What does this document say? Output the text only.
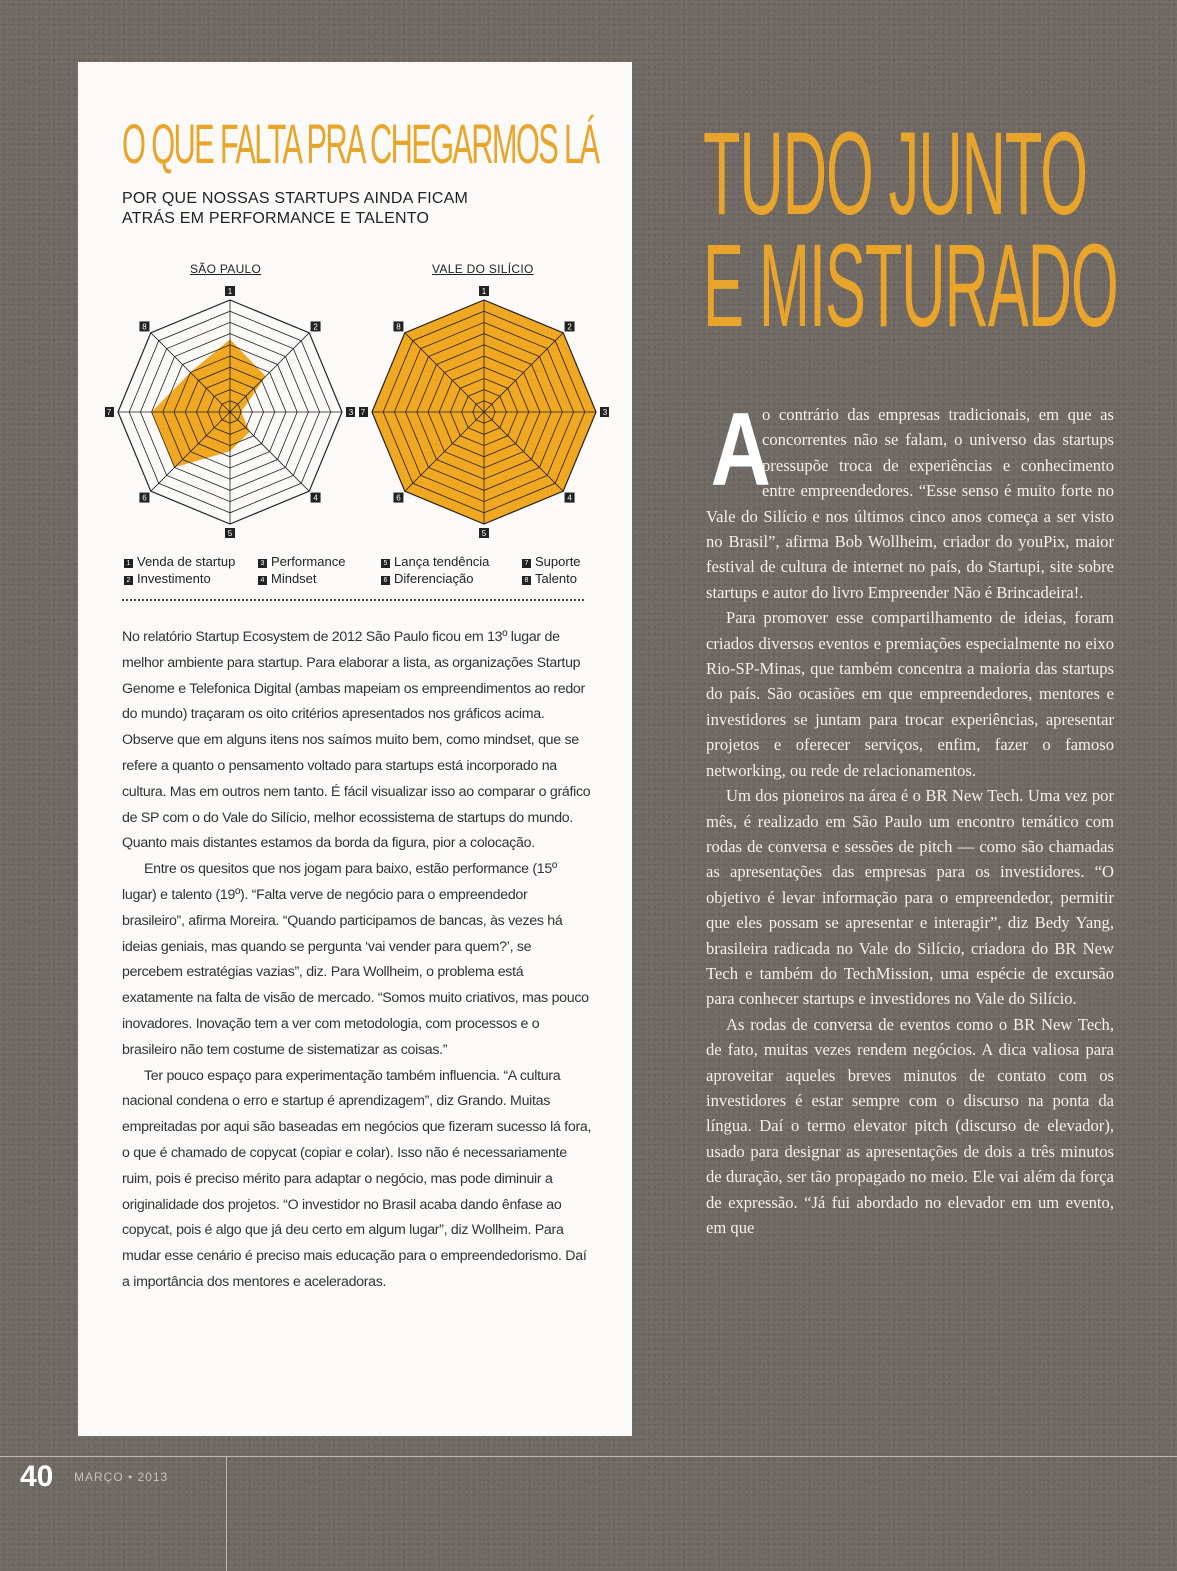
O QUE FALTA PRA CHEGARMOS LÁ
POR QUE NOSSAS STARTUPS AINDA FICAM
ATRÁS EM PERFORMANCE E TALENTO
SÃO PAULO	VALE DO SILÍCIO
1
2
3
4
5
6
7
8
1
2
3
4
5
6
7
8
1 Venda de startup
2 Investimento
3 Performance
4 Mindset
5 Lança tendência
6 Diferenciação
7 Suporte
8 Talento

No relatório Startup Ecosystem de 2012 São Paulo ficou em 13º lugar de melhor ambiente para startup. Para elaborar a lista, as organizações Startup Genome e Telefonica Digital (ambas mapeiam os empreendimentos ao redor do mundo) traçaram os oito critérios apresentados nos gráficos acima. Observe que em alguns itens nos saímos muito bem, como mindset, que se refere a quanto o pensamento voltado para startups está incorporado na cultura. Mas em outros nem tanto. É fácil visualizar isso ao comparar o gráfico de SP com o do Vale do Silício, melhor ecossistema de startups do mundo. Quanto mais distantes estamos da borda da figura, pior a colocação.

Entre os quesitos que nos jogam para baixo, estão performance (15º lugar) e talento (19º). “Falta verve de negócio para o empreendedor brasileiro”, afirma Moreira. “Quando participamos de bancas, às vezes há ideias geniais, mas quando se pergunta ‘vai vender para quem?’, se percebem estratégias vazias”, diz. Para Wollheim, o problema está exatamente na falta de visão de mercado. “Somos muito criativos, mas pouco inovadores. Inovação tem a ver com metodologia, com processos e o brasileiro não tem costume de sistematizar as coisas.”

Ter pouco espaço para experimentação também influencia. “A cultura nacional condena o erro e startup é aprendizagem”, diz Grando. Muitas empreitadas por aqui são baseadas em negócios que fizeram sucesso lá fora, o que é chamado de copycat (copiar e colar). Isso não é necessariamente ruim, pois é preciso mérito para adaptar o negócio, mas pode diminuir a originalidade dos projetos. “O investidor no Brasil acaba dando ênfase ao copycat, pois é algo que já deu certo em algum lugar”, diz Wollheim. Para mudar esse cenário é preciso mais educação para o empreendedorismo. Daí a importância dos mentores e aceleradoras.

TUDO JUNTO
E MISTURADO

A
o contrário das empresas tradicionais, em que as concorrentes não se falam, o universo das startups pressupõe troca de experiências e conhecimento entre empreendedores. “Esse senso é muito forte no Vale do Silício e nos últimos cinco anos começa a ser visto no Brasil”, afirma Bob Wollheim, criador do youPix, maior festival de cultura de internet no país, do Startupi, site sobre startups e autor do livro Empreender Não é Brincadeira!.

Para promover esse compartilhamento de ideias, foram criados diversos eventos e premiações especialmente no eixo Rio-SP-Minas, que também concentra a maioria das startups do país. São ocasiões em que empreendedores, mentores e investidores se juntam para trocar experiências, apresentar projetos e oferecer serviços, enfim, fazer o famoso networking, ou rede de relacionamentos.

Um dos pioneiros na área é o BR New Tech. Uma vez por mês, é realizado em São Paulo um encontro temático com rodas de conversa e sessões de pitch — como são chamadas as apresentações das empresas para os investidores. “O objetivo é levar informação para o empreendedor, permitir que eles possam se apresentar e interagir”, diz Bedy Yang, brasileira radicada no Vale do Silício, criadora do BR New Tech e também do TechMission, uma espécie de excursão para conhecer startups e investidores no Vale do Silício.

As rodas de conversa de eventos como o BR New Tech, de fato, muitas vezes rendem negócios. A dica valiosa para aproveitar aqueles breves minutos de contato com os investidores é estar sempre com o discurso na ponta da língua. Daí o termo elevator pitch (discurso de elevador), usado para designar as apresentações de dois a três minutos de duração, ser tão propagado no meio. Ele vai além da força de expressão. “Já fui abordado no elevador em um evento, em que

40 MARÇO • 2013
